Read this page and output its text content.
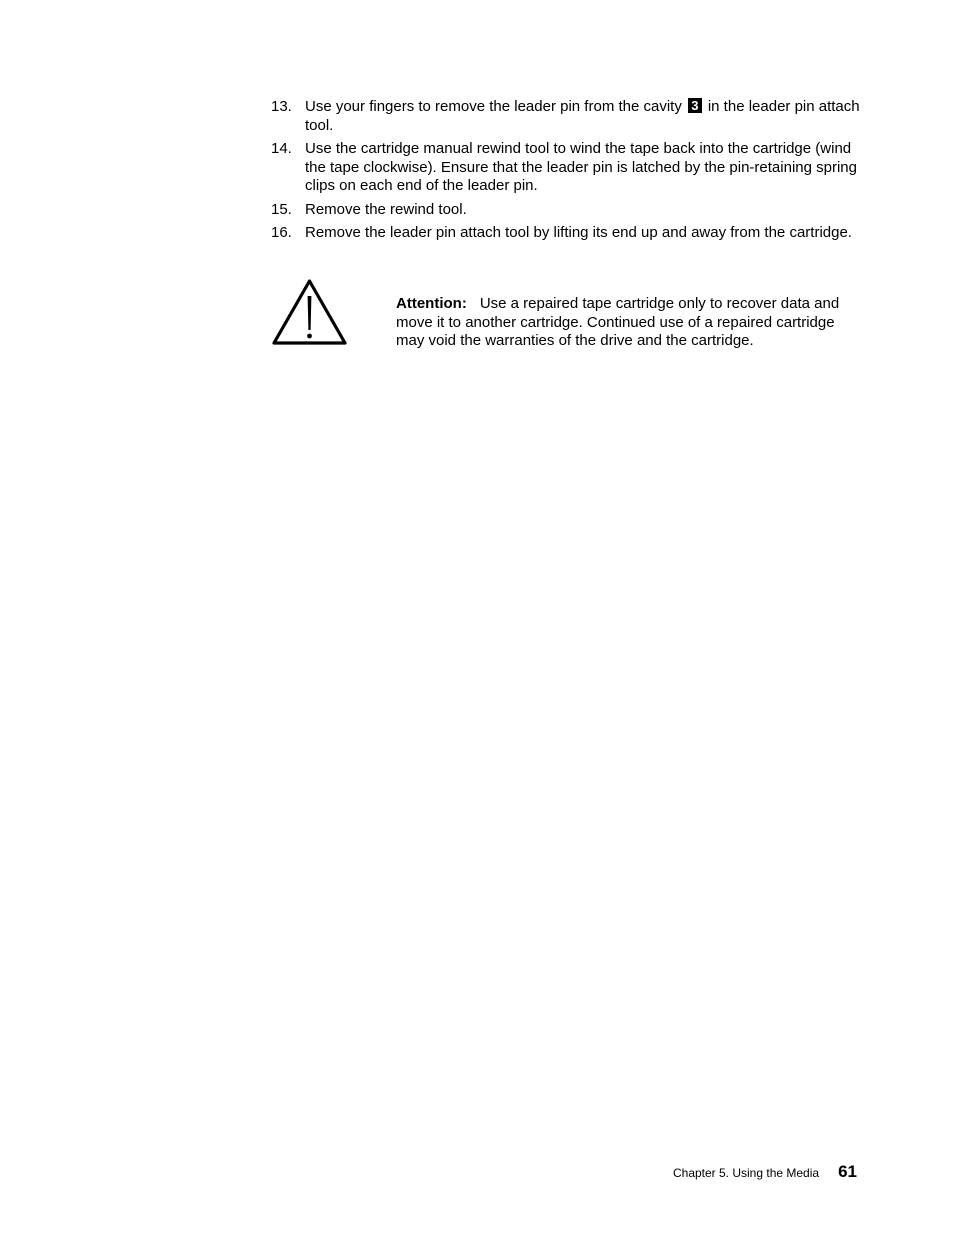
13. Use your fingers to remove the leader pin from the cavity 3 in the leader pin attach tool.
14. Use the cartridge manual rewind tool to wind the tape back into the cartridge (wind the tape clockwise). Ensure that the leader pin is latched by the pin-retaining spring clips on each end of the leader pin.
15. Remove the rewind tool.
16. Remove the leader pin attach tool by lifting its end up and away from the cartridge.
Attention: Use a repaired tape cartridge only to recover data and move it to another cartridge. Continued use of a repaired cartridge may void the warranties of the drive and the cartridge.
Chapter 5. Using the Media 61
